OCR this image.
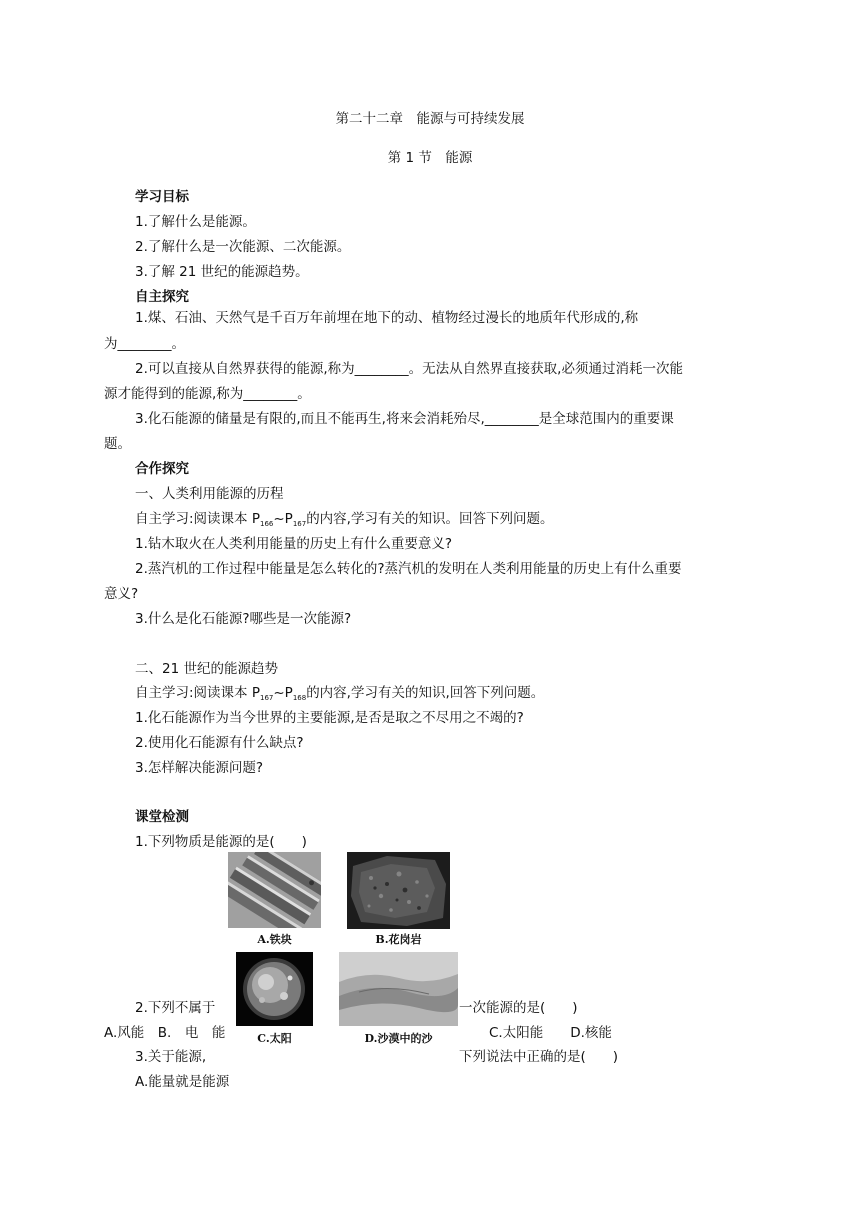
第二十二章　能源与可持续发展
第 1 节　能源
学习目标
1.了解什么是能源。
2.了解什么是一次能源、二次能源。
3.了解 21 世纪的能源趋势。
自主探究
1.煤、石油、天然气是千百万年前埋在地下的动、植物经过漫长的地质年代形成的,称
为________。
2.可以直接从自然界获得的能源,称为________。无法从自然界直接获取,必须通过消耗一次能
源才能得到的能源,称为________。
3.化石能源的储量是有限的,而且不能再生,将来会消耗殆尽,________是全球范围内的重要课
题。
合作探究
一、人类利用能源的历程
自主学习:阅读课本 $P_{166}\sim P_{167}$的内容,学习有关的知识。回答下列问题。
1.钻木取火在人类利用能量的历史上有什么重要意义?
2.蒸汽机的工作过程中能量是怎么转化的?蒸汽机的发明在人类利用能量的历史上有什么重要
意义?
3.什么是化石能源?哪些是一次能源?
二、21 世纪的能源趋势
自主学习:阅读课本 $P_{167}\sim P_{168}$的内容,学习有关的知识,回答下列问题。
1.化石能源作为当今世界的主要能源,是否是取之不尽用之不竭的?
2.使用化石能源有什么缺点?
3.怎样解决能源问题?
课堂检测
1.下列物质是能源的是(　　)
A.铁块	B.花岗岩
C.太阳	D.沙漠中的沙
2.下列不属于	一次能源的是(　　)
A.风能　B.　电　能	C.太阳能　　D.核能
3.关于能源,	下列说法中正确的是(　　)
A.能量就是能源
